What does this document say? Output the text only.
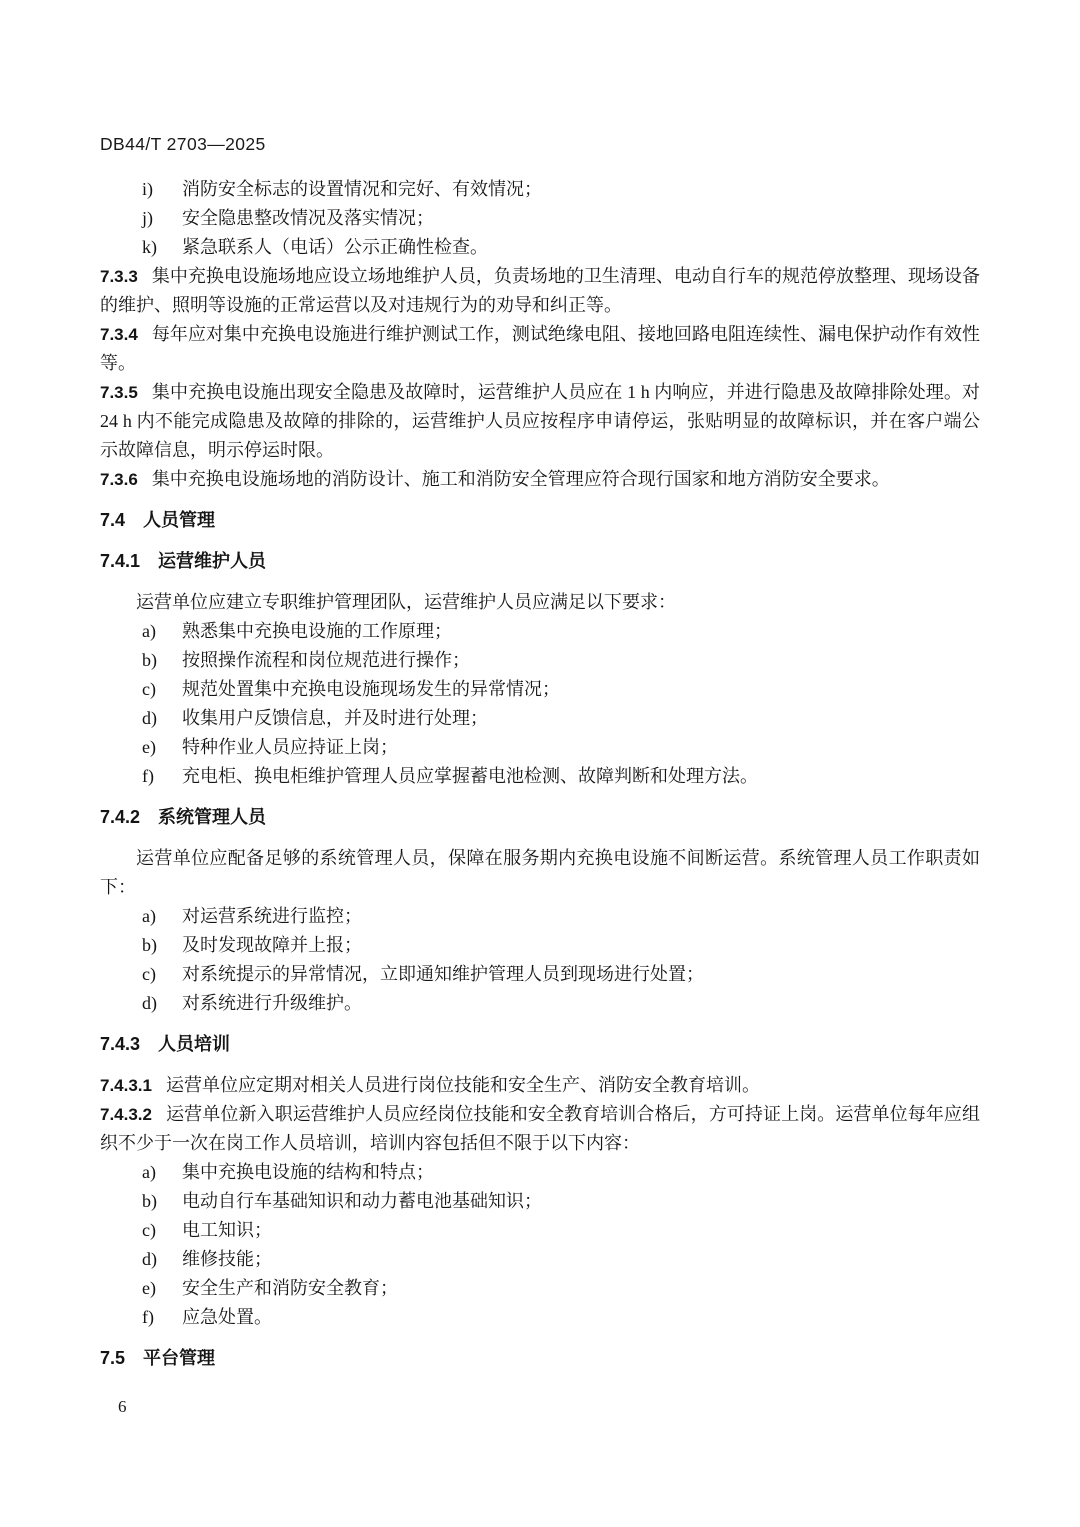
DB44/T 2703—2025
i) 消防安全标志的设置情况和完好、有效情况；
j) 安全隐患整改情况及落实情况；
k) 紧急联系人（电话）公示正确性检查。

7.3.3 集中充换电设施场地应设立场地维护人员，负责场地的卫生清理、电动自行车的规范停放整理、现场设备的维护、照明等设施的正常运营以及对违规行为的劝导和纠正等。

7.3.4 每年应对集中充换电设施进行维护测试工作，测试绝缘电阻、接地回路电阻连续性、漏电保护动作有效性等。

7.3.5 集中充换电设施出现安全隐患及故障时，运营维护人员应在 1 h 内响应，并进行隐患及故障排除处理。对 24 h 内不能完成隐患及故障的排除的，运营维护人员应按程序申请停运，张贴明显的故障标识，并在客户端公示故障信息，明示停运时限。

7.3.6 集中充换电设施场地的消防设计、施工和消防安全管理应符合现行国家和地方消防安全要求。

7.4 人员管理
7.4.1 运营维护人员

运营单位应建立专职维护管理团队，运营维护人员应满足以下要求：

a) 熟悉集中充换电设施的工作原理；
b) 按照操作流程和岗位规范进行操作；
c) 规范处置集中充换电设施现场发生的异常情况；
d) 收集用户反馈信息，并及时进行处理；
e) 特种作业人员应持证上岗；
f) 充电柜、换电柜维护管理人员应掌握蓄电池检测、故障判断和处理方法。
7.4.2 系统管理人员

运营单位应配备足够的系统管理人员，保障在服务期内充换电设施不间断运营。系统管理人员工作职责如下：

a) 对运营系统进行监控；
b) 及时发现故障并上报；
c) 对系统提示的异常情况，立即通知维护管理人员到现场进行处置；
d) 对系统进行升级维护。
7.4.3 人员培训

7.4.3.1 运营单位应定期对相关人员进行岗位技能和安全生产、消防安全教育培训。

7.4.3.2 运营单位新入职运营维护人员应经岗位技能和安全教育培训合格后，方可持证上岗。运营单位每年应组织不少于一次在岗工作人员培训，培训内容包括但不限于以下内容：

a) 集中充换电设施的结构和特点；
b) 电动自行车基础知识和动力蓄电池基础知识；
c) 电工知识；
d) 维修技能；
e) 安全生产和消防安全教育；
f) 应急处置。
7.5 平台管理
6
